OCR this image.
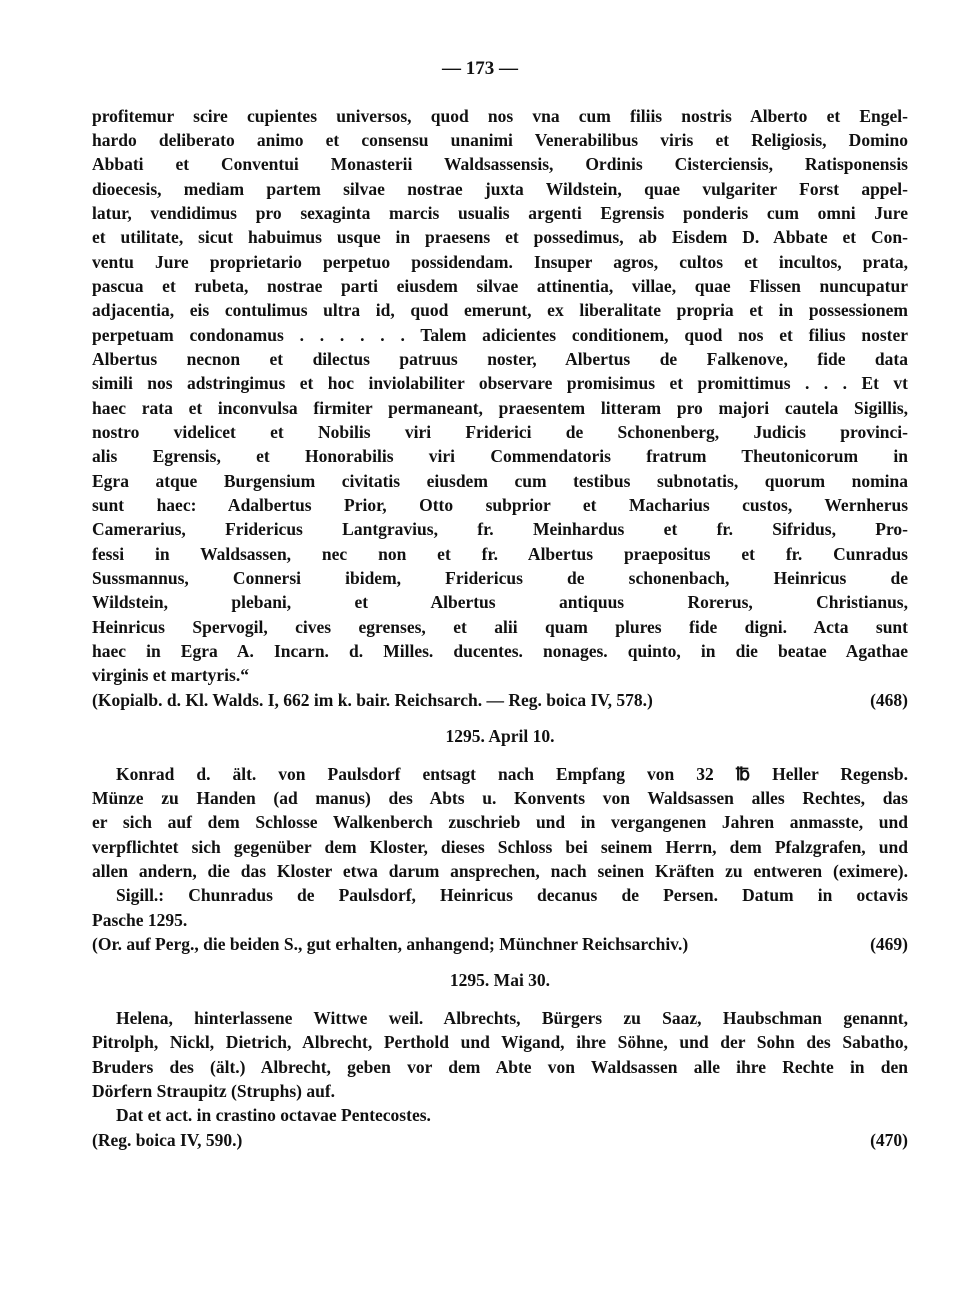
— 173 —
profitemur scire cupientes universos, quod nos vna cum filiis nostris Alberto et Engel-
hardo deliberato animo et consensu unanimi Venerabilibus viris et Religiosis, Domino
Abbati et Conventui Monasterii Waldsassensis, Ordinis Cisterciensis, Ratisponensis
dioecesis, mediam partem silvae nostrae juxta Wildstein, quae vulgariter Forst appel-
latur, vendidimus pro sexaginta marcis usualis argenti Egrensis ponderis cum omni Jure
et utilitate, sicut habuimus usque in praesens et possedimus, ab Eisdem D. Abbate et Con-
ventu Jure proprietario perpetuo possidendam. Insuper agros, cultos et incultos, prata,
pascua et rubeta, nostrae parti eiusdem silvae attinentia, villae, quae Flissen nuncupatur
adjacentia, eis contulimus ultra id, quod emerunt, ex liberalitate propria et in possessionem
perpetuam condonamus . . . . . . Talem adicientes conditionem, quod nos et filius noster
Albertus necnon et dilectus patruus noster, Albertus de Falkenove, fide data
simili nos adstringimus et hoc inviolabiliter observare promisimus et promittimus . . . Et vt
haec rata et inconvulsa firmiter permaneant, praesentem litteram pro majori cautela Sigillis,
nostro videlicet et Nobilis viri Friderici de Schonenberg, Judicis provinci-
alis Egrensis, et Honorabilis viri Commendatoris fratrum Theutonicorum in
Egra atque Burgensium civitatis eiusdem cum testibus subnotatis, quorum nomina
sunt haec: Adalbertus Prior, Otto subprior et Macharius custos, Wernherus
Camerarius, Fridericus Lantgravius, fr. Meinhardus et fr. Sifridus, Pro-
fessi in Waldsassen, nec non et fr. Albertus praepositus et fr. Cunradus
Sussmannus, Connersi ibidem, Fridericus de schonenbach, Heinricus de
Wildstein, plebani, et Albertus antiquus Rorerus, Christianus,
Heinricus Spervogil, cives egrenses, et alii quam plures fide digni. Acta sunt
haec in Egra A. Incarn. d. Milles. ducentes. nonages. quinto, in die beatae Agathae
virginis et martyris.“
(Kopialb. d. Kl. Walds. I, 662 im k. bair. Reichsarch. — Reg. boica IV, 578.)	(468)
1295. April 10.
Konrad d. ält. von Paulsdorf entsagt nach Empfang von 32 ℔ Heller Regensb.
Münze zu Handen (ad manus) des Abts u. Konvents von Waldsassen alles Rechtes, das
er sich auf dem Schlosse Walkenberch zuschrieb und in vergangenen Jahren anmasste, und
verpflichtet sich gegenüber dem Kloster, dieses Schloss bei seinem Herrn, dem Pfalzgrafen, und
allen andern, die das Kloster etwa darum ansprechen, nach seinen Kräften zu entweren (eximere).
Sigill.: Chunradus de Paulsdorf, Heinricus decanus de Persen. Datum in octavis
Pasche 1295.
(Or. auf Perg., die beiden S., gut erhalten, anhangend; Münchner Reichsarchiv.)	(469)
1295. Mai 30.
Helena, hinterlassene Wittwe weil. Albrechts, Bürgers zu Saaz, Haubschman genannt,
Pitrolph, Nickl, Dietrich, Albrecht, Perthold und Wigand, ihre Söhne, und der Sohn des Sabatho,
Bruders des (ält.) Albrecht, geben vor dem Abte von Waldsassen alle ihre Rechte in den
Dörfern Straupitz (Struphs) auf.
Dat et act. in crastino octavae Pentecostes.
(Reg. boica IV, 590.)	(470)
